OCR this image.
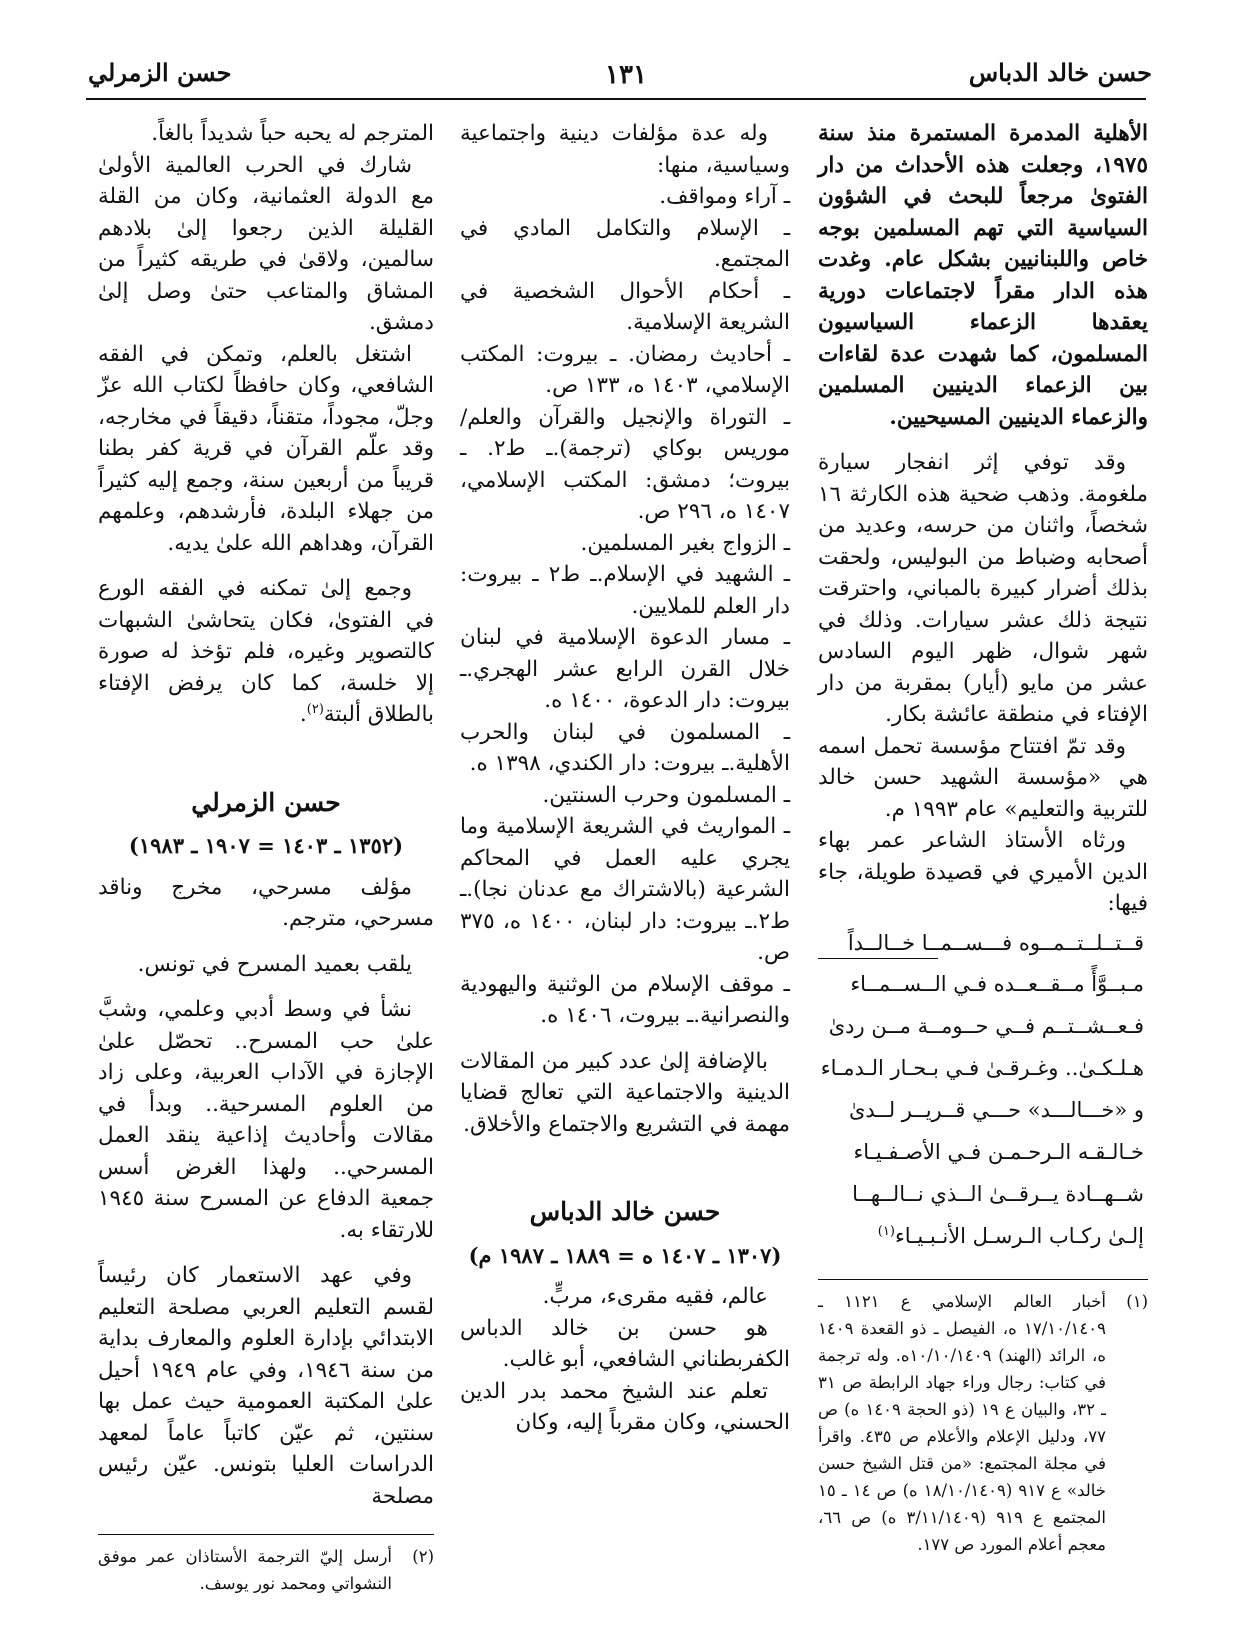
حسن خالد الدباس
١٣١
حسن الزمرلي

الأهلية المدمرة المستمرة منذ سنة ١٩٧٥، وجعلت هذه الأحداث من دار الفتوىٰ مرجعاً للبحث في الشؤون السياسية التي تهم المسلمين بوجه خاص واللبنانيين بشكل عام. وغدت هذه الدار مقراً لاجتماعات دورية يعقدها الزعماء السياسيون المسلمون، كما شهدت عدة لقاءات بين الزعماء الدينيين المسلمين والزعماء الدينيين المسيحيين.

وقد توفي إثر انفجار سيارة ملغومة. وذهب ضحية هذه الكارثة ١٦ شخصاً، واثنان من حرسه، وعديد من أصحابه وضباط من البوليس، ولحقت بذلك أضرار كبيرة بالمباني، واحترقت نتيجة ذلك عشر سيارات. وذلك في شهر شوال، ظهر اليوم السادس عشر من مايو (أيار) بمقربة من دار الإفتاء في منطقة عائشة بكار.

وقد تمّ افتتاح مؤسسة تحمل اسمه هي «مؤسسة الشهيد حسن خالد للتربية والتعليم» عام ١٩٩٣ م.

ورثاه الأستاذ الشاعر عمر بهاء الدين الأميري في قصيدة طويلة، جاء فيها:

قــتــلــتــمــوه فـــســمــا خــالــداً
مـبــوَّأً مــقــعــده فـي الــســمــاء
فـعــشــتــم فــي حــومــة مــن ردىٰ
هـلـكـىٰ.. وغـرقـىٰ فـي بـحـار الـدمـاء
و «خـــالـــد» حـــي قــريــر لــدىٰ
خـالـقـه الـرحـمـن فـي الأصـفـيـاء
شــهــادة يــرقــىٰ الــذي نــالــهــا
إلـىٰ ركـاب الـرسـل الأنـبـيـاء$^{(١)}$
(١)
أخبار العالم الإسلامي ع ١١٢١ ـ ١٧/١٠/١٤٠٩ ه، الفيصل ـ ذو القعدة ١٤٠٩ ه، الرائد (الهند) ١٠/١٠/١٤٠٩ه. وله ترجمة في كتاب: رجال وراء جهاد الرابطة ص ٣١ ـ ٣٢، والبيان ع ١٩ (ذو الحجة ١٤٠٩ ه) ص ٧٧، ودليل الإعلام والأعلام ص ٤٣٥. واقرأ في مجلة المجتمع: «من قتل الشيخ حسن خالد» ع ٩١٧ (١٨/١٠/١٤٠٩ ه) ص ١٤ ـ ١٥ المجتمع ع ٩١٩ (٣/١١/١٤٠٩ ه) ص ٦٦، معجم أعلام المورد ص ١٧٧.

وله عدة مؤلفات دينية واجتماعية وسياسية، منها:

ـ آراء ومواقف.
ـ الإسلام والتكامل المادي في المجتمع.
ـ أحكام الأحوال الشخصية في الشريعة الإسلامية.
ـ أحاديث رمضان. ـ بيروت: المكتب الإسلامي، ١٤٠٣ ه، ١٣٣ ص.
ـ التوراة والإنجيل والقرآن والعلم/ موريس بوكاي (ترجمة).ـ ط٢. ـ بيروت؛ دمشق: المكتب الإسلامي، ١٤٠٧ ه، ٢٩٦ ص.
ـ الزواج بغير المسلمين.
ـ الشهيد في الإسلام.ـ ط٢ ـ بيروت: دار العلم للملايين.
ـ مسار الدعوة الإسلامية في لبنان خلال القرن الرابع عشر الهجري.ـ بيروت: دار الدعوة، ١٤٠٠ ه.
ـ المسلمون في لبنان والحرب الأهلية.ـ بيروت: دار الكندي، ١٣٩٨ ه.
ـ المسلمون وحرب السنتين.
ـ المواريث في الشريعة الإسلامية وما يجري عليه العمل في المحاكم الشرعية (بالاشتراك مع عدنان نجا).ـ ط٢.ـ بيروت: دار لبنان، ١٤٠٠ ه، ٣٧٥ ص.
ـ موقف الإسلام من الوثنية واليهودية والنصرانية.ـ بيروت، ١٤٠٦ ه.

بالإضافة إلىٰ عدد كبير من المقالات الدينية والاجتماعية التي تعالج قضايا مهمة في التشريع والاجتماع والأخلاق.

حسن خالد الدباس
(١٣٠٧ ـ ١٤٠٧ ه = ١٨٨٩ ـ ١٩٨٧ م)

عالم، فقيه مقرىء، مربٍّ.

هو حسن بن خالد الدباس الكفربطناني الشافعي، أبو غالب.

تعلم عند الشيخ محمد بدر الدين الحسني، وكان مقرباً إليه، وكان

المترجم له يحبه حباً شديداً بالغاً.

شارك في الحرب العالمية الأولىٰ مع الدولة العثمانية، وكان من القلة القليلة الذين رجعوا إلىٰ بلادهم سالمين، ولاقىٰ في طريقه كثيراً من المشاق والمتاعب حتىٰ وصل إلىٰ دمشق.

اشتغل بالعلم، وتمكن في الفقه الشافعي، وكان حافظاً لكتاب الله عزّ وجلّ، مجوداً، متقناً، دقيقاً في مخارجه، وقد علّم القرآن في قرية كفر بطنا قريباً من أربعين سنة، وجمع إليه كثيراً من جهلاء البلدة، فأرشدهم، وعلمهم القرآن، وهداهم الله علىٰ يديه.

وجمع إلىٰ تمكنه في الفقه الورع في الفتوىٰ، فكان يتحاشىٰ الشبهات كالتصوير وغيره، فلم تؤخذ له صورة إلا خلسة، كما كان يرفض الإفتاء بالطلاق ألبتة$^{(٢)}$.

حسن الزمرلي
(١٣٥٢ ـ ١٤٠٣ = ١٩٠٧ ـ ١٩٨٣)

مؤلف مسرحي، مخرج وناقد مسرحي، مترجم.

يلقب بعميد المسرح في تونس.

نشأ في وسط أدبي وعلمي، وشبَّ علىٰ حب المسرح.. تحصّل علىٰ الإجازة في الآداب العربية، وعلى زاد من العلوم المسرحية.. وبدأ في مقالات وأحاديث إذاعية ينقد العمل المسرحي.. ولهذا الغرض أسس جمعية الدفاع عن المسرح سنة ١٩٤٥ للارتقاء به.

وفي عهد الاستعمار كان رئيساً لقسم التعليم العربي مصلحة التعليم الابتدائي بإدارة العلوم والمعارف بداية من سنة ١٩٤٦، وفي عام ١٩٤٩ أحيل علىٰ المكتبة العمومية حيث عمل بها سنتين، ثم عيّن كاتباً عاماً لمعهد الدراسات العليا بتونس. عيّن رئيس مصلحة

(٢)
أرسل إليّ الترجمة الأستاذان عمر موفق النشواتي ومحمد نور يوسف.
